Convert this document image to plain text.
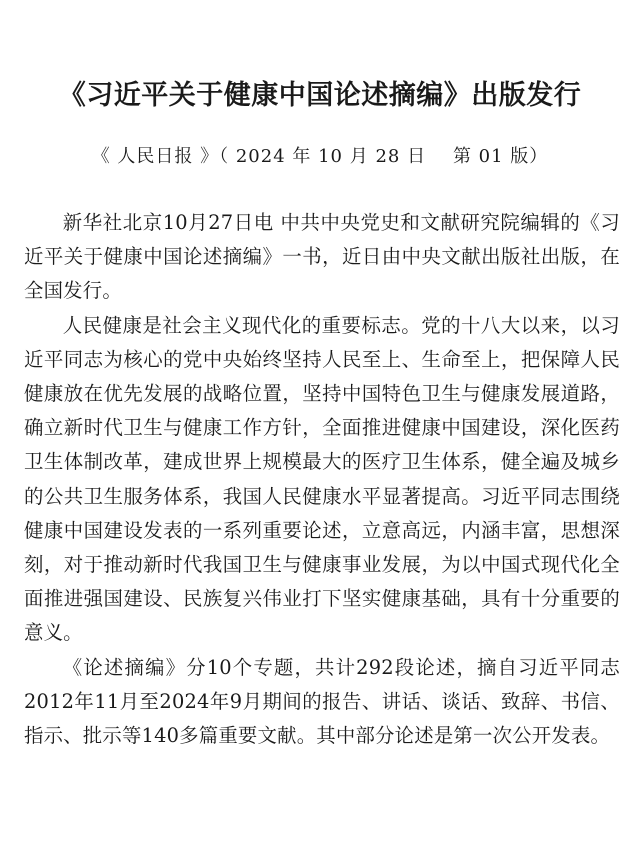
《习近平关于健康中国论述摘编》出版发行
《 人民日报 》（ 2024 年 10 月 28 日    第 01 版）

新华社北京10月27日电 中共中央党史和文献研究院编辑的《习近平关于健康中国论述摘编》一书，近日由中央文献出版社出版，在全国发行。

人民健康是社会主义现代化的重要标志。党的十八大以来，以习近平同志为核心的党中央始终坚持人民至上、生命至上，把保障人民健康放在优先发展的战略位置，坚持中国特色卫生与健康发展道路，确立新时代卫生与健康工作方针，全面推进健康中国建设，深化医药卫生体制改革，建成世界上规模最大的医疗卫生体系，健全遍及城乡的公共卫生服务体系，我国人民健康水平显著提高。习近平同志围绕健康中国建设发表的一系列重要论述，立意高远，内涵丰富，思想深刻，对于推动新时代我国卫生与健康事业发展，为以中国式现代化全面推进强国建设、民族复兴伟业打下坚实健康基础，具有十分重要的意义。

《论述摘编》分10个专题，共计292段论述，摘自习近平同志2012年11月至2024年9月期间的报告、讲话、谈话、致辞、书信、指示、批示等140多篇重要文献。其中部分论述是第一次公开发表。
